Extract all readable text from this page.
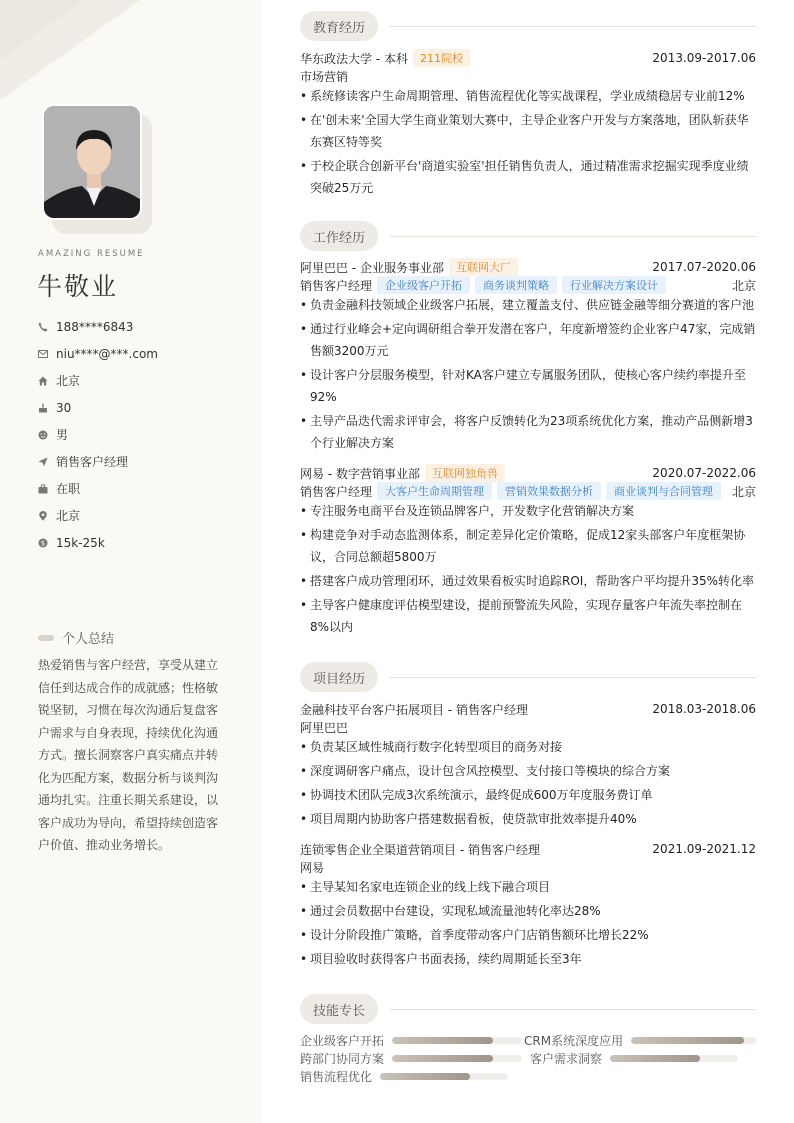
AMAZING RESUME
牛敬业
188****6843
niu****@***.com
北京
30
男
销售客户经理
在职
北京
$ 15k-25k
个人总结
热爱销售与客户经营，享受从建立信任到达成合作的成就感；性格敏锐坚韧，习惯在每次沟通后复盘客户需求与自身表现，持续优化沟通方式。擅长洞察客户真实痛点并转化为匹配方案，数据分析与谈判沟通均扎实。注重长期关系建设，以客户成功为导向，希望持续创造客户价值、推动业务增长。
教育经历
华东政法大学 - 本科	211院校	2013.09-2017.06
市场营销
• 系统修读客户生命周期管理、销售流程优化等实战课程，学业成绩稳居专业前12%
• 在'创未来'全国大学生商业策划大赛中，主导企业客户开发与方案落地，团队斩获华东赛区特等奖
• 于校企联合创新平台'商道实验室'担任销售负责人，通过精准需求挖掘实现季度业绩突破25万元
工作经历
阿里巴巴 - 企业服务事业部	互联网大厂	2017.07-2020.06
销售客户经理	企业级客户开拓	商务谈判策略	行业解决方案设计	北京
• 负责金融科技领域企业级客户拓展，建立覆盖支付、供应链金融等细分赛道的客户池
• 通过行业峰会+定向调研组合拳开发潜在客户，年度新增签约企业客户47家，完成销售额3200万元
• 设计客户分层服务模型，针对KA客户建立专属服务团队，使核心客户续约率提升至92%
• 主导产品迭代需求评审会，将客户反馈转化为23项系统优化方案，推动产品侧新增3个行业解决方案
网易 - 数字营销事业部	互联网独角兽	2020.07-2022.06
销售客户经理	大客户生命周期管理	营销效果数据分析	商业谈判与合同管理	北京
• 专注服务电商平台及连锁品牌客户，开发数字化营销解决方案
• 构建竞争对手动态监测体系，制定差异化定价策略，促成12家头部客户年度框架协议，合同总额超5800万
• 搭建客户成功管理闭环，通过效果看板实时追踪ROI，帮助客户平均提升35%转化率
• 主导客户健康度评估模型建设，提前预警流失风险，实现存量客户年流失率控制在8%以内
项目经历
金融科技平台客户拓展项目 - 销售客户经理	2018.03-2018.06
阿里巴巴
• 负责某区域性城商行数字化转型项目的商务对接
• 深度调研客户痛点，设计包含风控模型、支付接口等模块的综合方案
• 协调技术团队完成3次系统演示，最终促成600万年度服务费订单
• 项目周期内协助客户搭建数据看板，使贷款审批效率提升40%
连锁零售企业全渠道营销项目 - 销售客户经理	2021.09-2021.12
网易
• 主导某知名家电连锁企业的线上线下融合项目
• 通过会员数据中台建设，实现私域流量池转化率达28%
• 设计分阶段推广策略，首季度带动客户门店销售额环比增长22%
• 项目验收时获得客户书面表扬，续约周期延长至3年
技能专长
企业级客户开拓	CRM系统深度应用
跨部门协同方案	客户需求洞察
销售流程优化
